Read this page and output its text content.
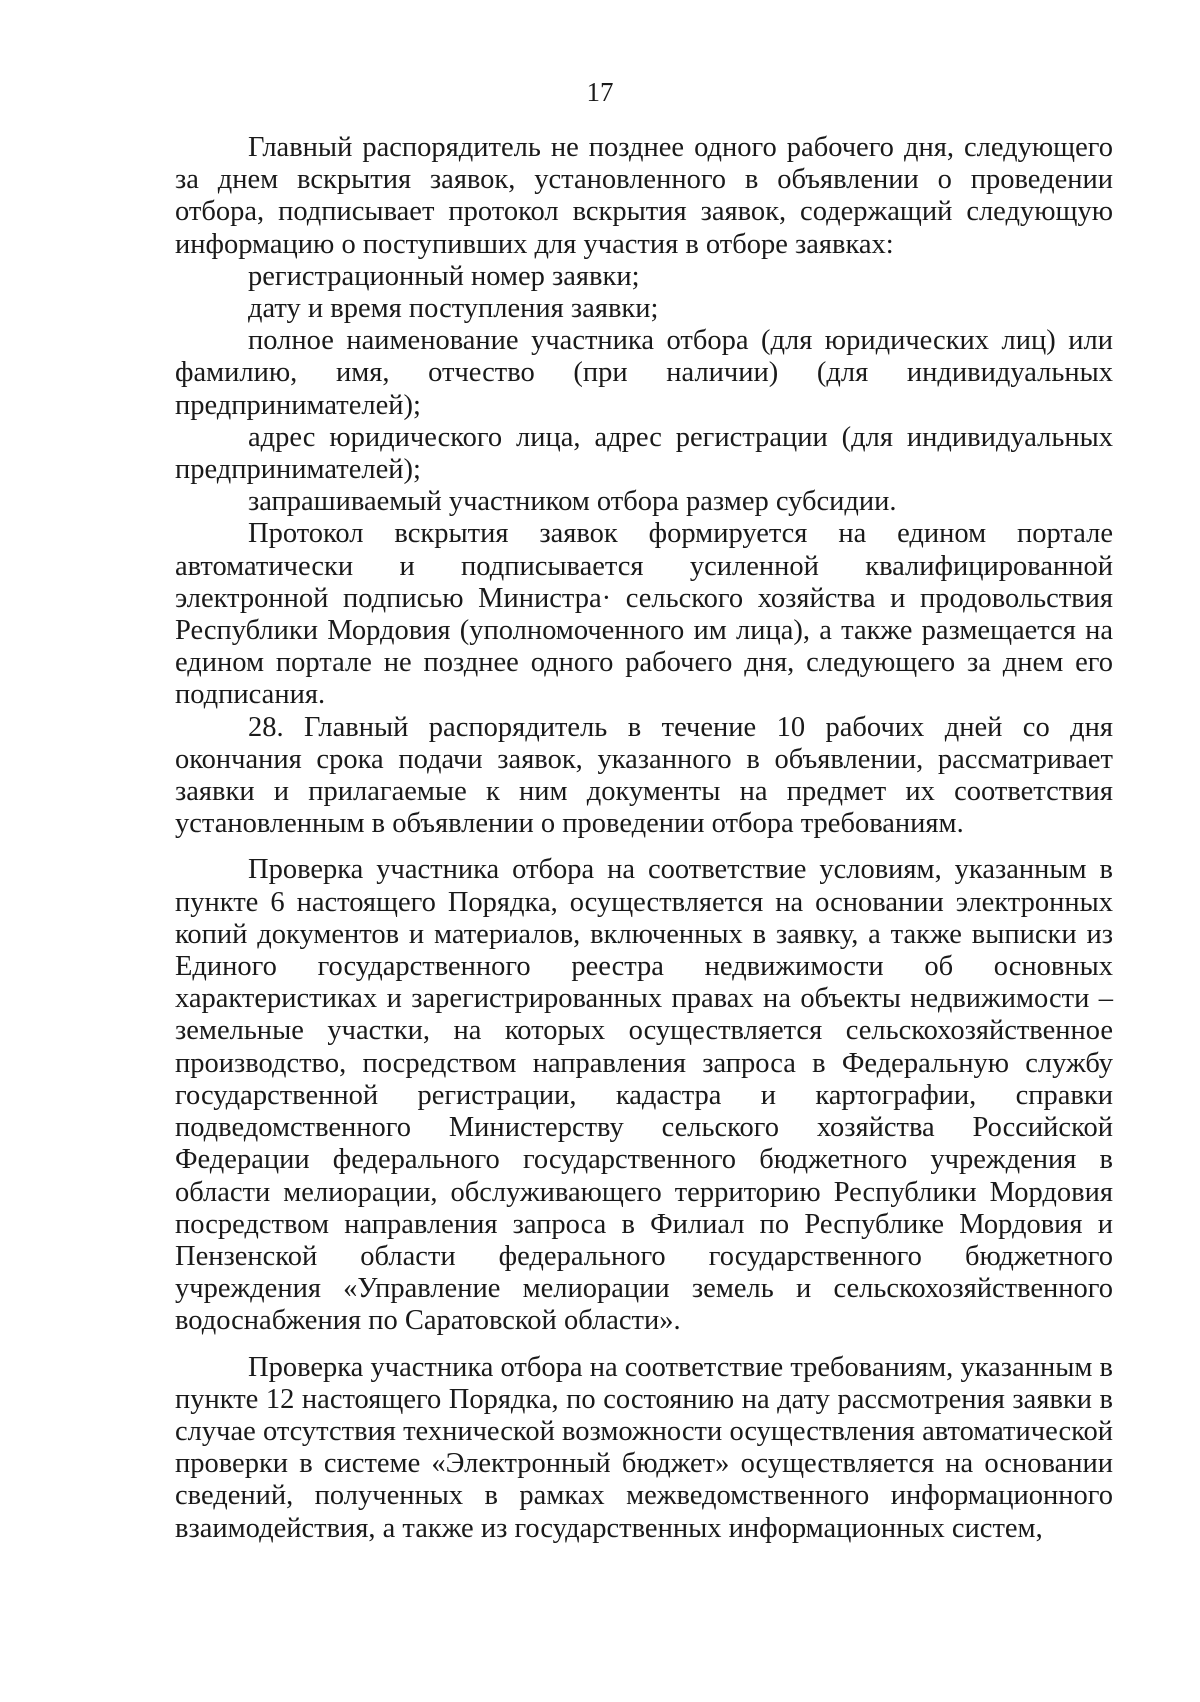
17

Главный распорядитель не позднее одного рабочего дня, следующего за днем вскрытия заявок, установленного в объявлении о проведении отбора, подписывает протокол вскрытия заявок, содержащий следующую информацию о поступивших для участия в отборе заявках:

регистрационный номер заявки;

дату и время поступления заявки;

полное наименование участника отбора (для юридических лиц) или фамилию, имя, отчество (при наличии) (для индивидуальных предпринимателей);

адрес юридического лица, адрес регистрации (для индивидуальных предпринимателей);

запрашиваемый участником отбора размер субсидии.

Протокол вскрытия заявок формируется на едином портале автоматически и подписывается усиленной квалифицированной электронной подписью Министра· сельского хозяйства и продовольствия Республики Мордовия (уполномоченного им лица), а также размещается на едином портале не позднее одного рабочего дня, следующего за днем его подписания.

28. Главный распорядитель в течение 10 рабочих дней со дня окончания срока подачи заявок, указанного в объявлении, рассматривает заявки и прилагаемые к ним документы на предмет их соответствия установленным в объявлении о проведении отбора требованиям.

Проверка участника отбора на соответствие условиям, указанным в пункте 6 настоящего Порядка, осуществляется на основании электронных копий документов и материалов, включенных в заявку, а также выписки из Единого государственного реестра недвижимости об основных характеристиках и зарегистрированных правах на объекты недвижимости – земельные участки, на которых осуществляется сельскохозяйственное производство, посредством направления запроса в Федеральную службу государственной регистрации, кадастра и картографии, справки подведомственного Министерству сельского хозяйства Российской Федерации федерального государственного бюджетного учреждения в области мелиорации, обслуживающего территорию Республики Мордовия посредством направления запроса в Филиал по Республике Мордовия и Пензенской области федерального государственного бюджетного учреждения «Управление мелиорации земель и сельскохозяйственного водоснабжения по Саратовской области».

Проверка участника отбора на соответствие требованиям, указанным в пункте 12 настоящего Порядка, по состоянию на дату рассмотрения заявки в случае отсутствия технической возможности осуществления автоматической проверки в системе «Электронный бюджет» осуществляется на основании сведений, полученных в рамках межведомственного информационного взаимодействия, а также из государственных информационных систем,
